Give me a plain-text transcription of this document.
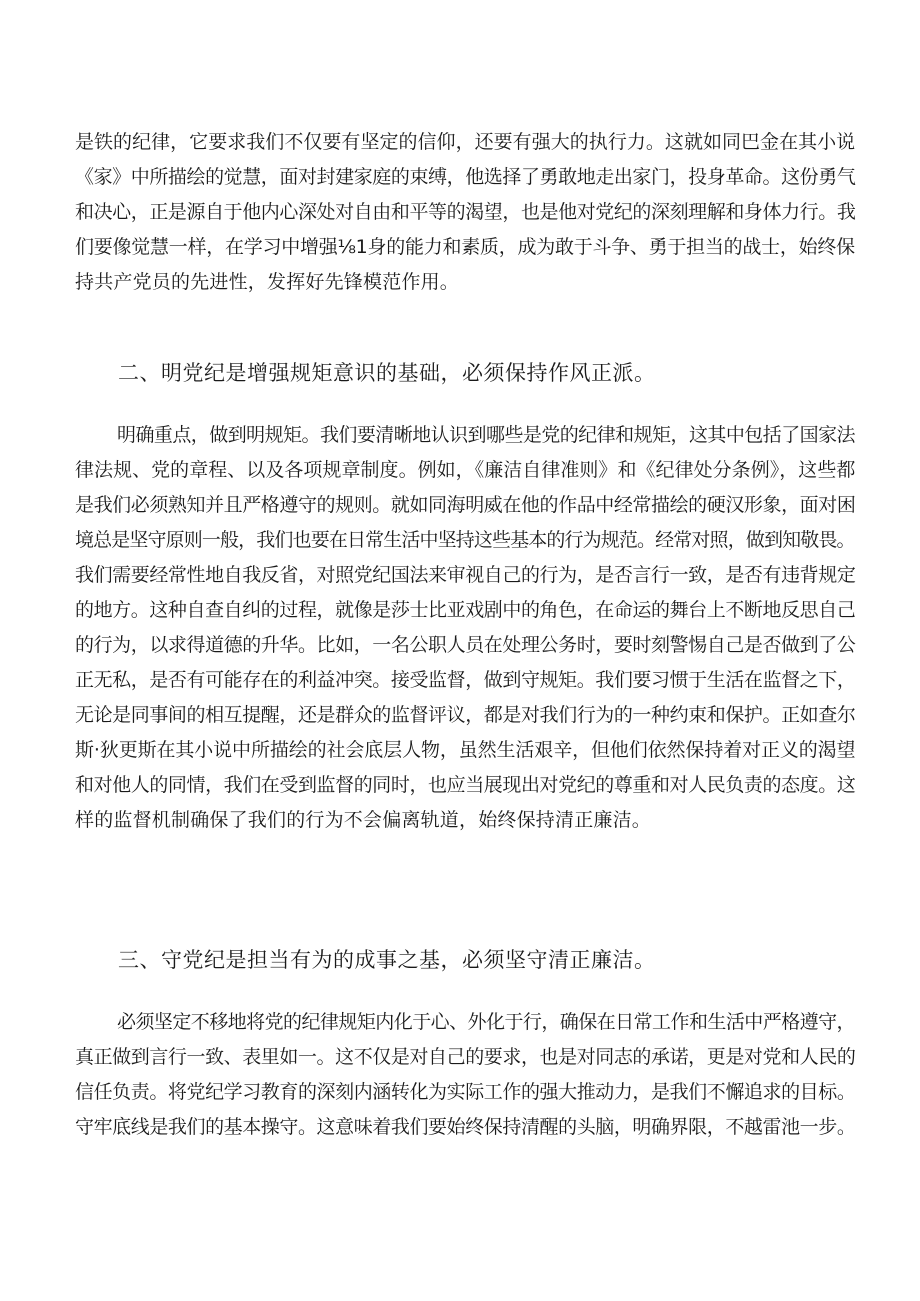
是铁的纪律，它要求我们不仅要有坚定的信仰，还要有强大的执行力。这就如同巴金在其小说
《家》中所描绘的觉慧，面对封建家庭的束缚，他选择了勇敢地走出家门，投身革命。这份勇气
和决心，正是源自于他内心深处对自由和平等的渴望，也是他对党纪的深刻理解和身体力行。我
们要像觉慧一样，在学习中增强⅛1身的能力和素质，成为敢于斗争、勇于担当的战士，始终保
持共产党员的先进性，发挥好先锋模范作用。
二、明党纪是增强规矩意识的基础，必须保持作风正派。
明确重点，做到明规矩。我们要清晰地认识到哪些是党的纪律和规矩，这其中包括了国家法
律法规、党的章程、以及各项规章制度。例如，《廉洁自律准则》和《纪律处分条例》，这些都
是我们必须熟知并且严格遵守的规则。就如同海明威在他的作品中经常描绘的硬汉形象，面对困
境总是坚守原则一般，我们也要在日常生活中坚持这些基本的行为规范。经常对照，做到知敬畏。
我们需要经常性地自我反省，对照党纪国法来审视自己的行为，是否言行一致，是否有违背规定
的地方。这种自查自纠的过程，就像是莎士比亚戏剧中的角色，在命运的舞台上不断地反思自己
的行为，以求得道德的升华。比如，一名公职人员在处理公务时，要时刻警惕自己是否做到了公
正无私，是否有可能存在的利益冲突。接受监督，做到守规矩。我们要习惯于生活在监督之下，
无论是同事间的相互提醒，还是群众的监督评议，都是对我们行为的一种约束和保护。正如查尔
斯·狄更斯在其小说中所描绘的社会底层人物，虽然生活艰辛，但他们依然保持着对正义的渴望
和对他人的同情，我们在受到监督的同时，也应当展现出对党纪的尊重和对人民负责的态度。这
样的监督机制确保了我们的行为不会偏离轨道，始终保持清正廉洁。
三、守党纪是担当有为的成事之基，必须坚守清正廉洁。
必须坚定不移地将党的纪律规矩内化于心、外化于行，确保在日常工作和生活中严格遵守，
真正做到言行一致、表里如一。这不仅是对自己的要求，也是对同志的承诺，更是对党和人民的
信任负责。将党纪学习教育的深刻内涵转化为实际工作的强大推动力，是我们不懈追求的目标。
守牢底线是我们的基本操守。这意味着我们要始终保持清醒的头脑，明确界限，不越雷池一步。
